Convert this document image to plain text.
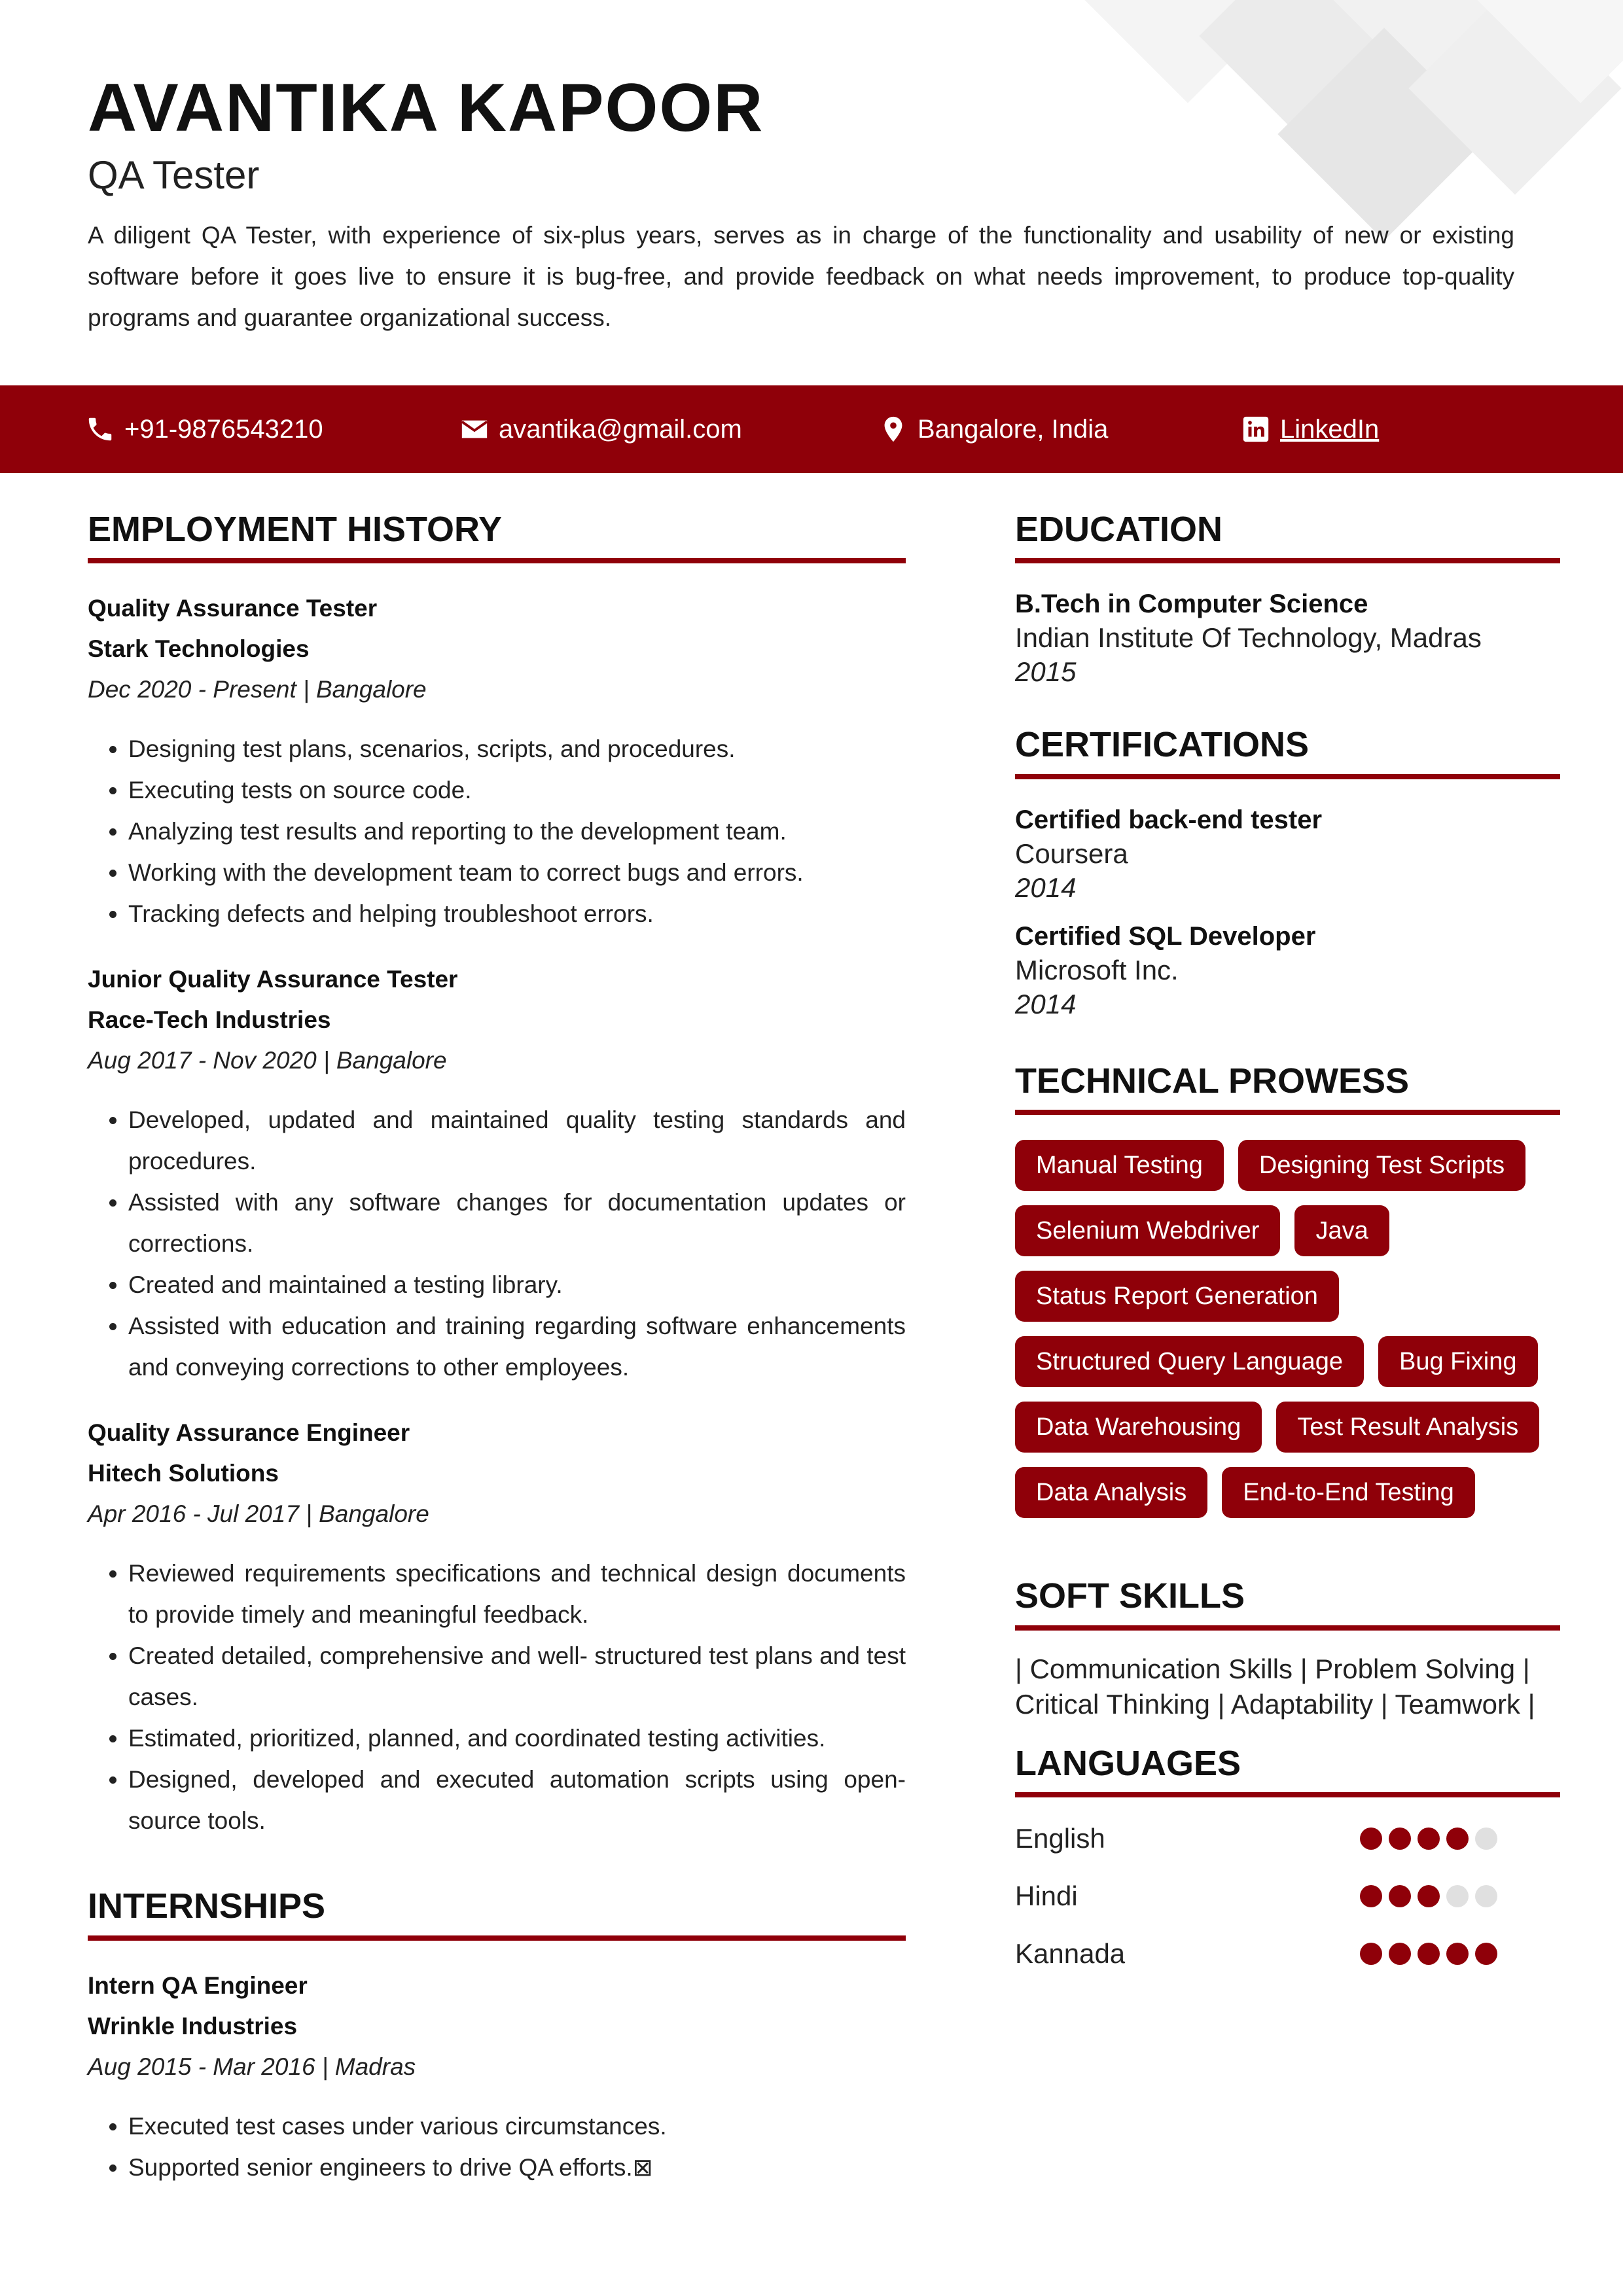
AVANTIKA KAPOOR
QA Tester
A diligent QA Tester, with experience of six-plus years, serves as in charge of the functionality and usability of new or existing software before it goes live to ensure it is bug-free, and provide feedback on what needs improvement, to produce top-quality programs and guarantee organizational success.
+91-9876543210	avantika@gmail.com	Bangalore, India	LinkedIn
EMPLOYMENT HISTORY
Quality Assurance Tester
Stark Technologies
Dec 2020 - Present | Bangalore
• Designing test plans, scenarios, scripts, and procedures.
• Executing tests on source code.
• Analyzing test results and reporting to the development team.
• Working with the development team to correct bugs and errors.
• Tracking defects and helping troubleshoot errors.
Junior Quality Assurance Tester
Race-Tech Industries
Aug 2017 - Nov 2020 | Bangalore
• Developed, updated and maintained quality testing standards and procedures.
• Assisted with any software changes for documentation updates or corrections.
• Created and maintained a testing library.
• Assisted with education and training regarding software enhancements and conveying corrections to other employees.
Quality Assurance Engineer
Hitech Solutions
Apr 2016 - Jul 2017 | Bangalore
• Reviewed requirements specifications and technical design documents to provide timely and meaningful feedback.
• Created detailed, comprehensive and well- structured test plans and test cases.
• Estimated, prioritized, planned, and coordinated testing activities.
• Designed, developed and executed automation scripts using open-source tools.
INTERNSHIPS
Intern QA Engineer
Wrinkle Industries
Aug 2015 - Mar 2016 | Madras
• Executed test cases under various circumstances.
• Supported senior engineers to drive QA efforts.⊠
EDUCATION
B.Tech in Computer Science
Indian Institute Of Technology, Madras
2015
CERTIFICATIONS
Certified back-end tester
Coursera
2014
Certified SQL Developer
Microsoft Inc.
2014
TECHNICAL PROWESS
Manual Testing	Designing Test Scripts
Selenium Webdriver	Java
Status Report Generation
Structured Query Language	Bug Fixing
Data Warehousing	Test Result Analysis
Data Analysis	End-to-End Testing
SOFT SKILLS
| Communication Skills | Problem Solving | Critical Thinking | Adaptability | Teamwork |
LANGUAGES
English
Hindi
Kannada
